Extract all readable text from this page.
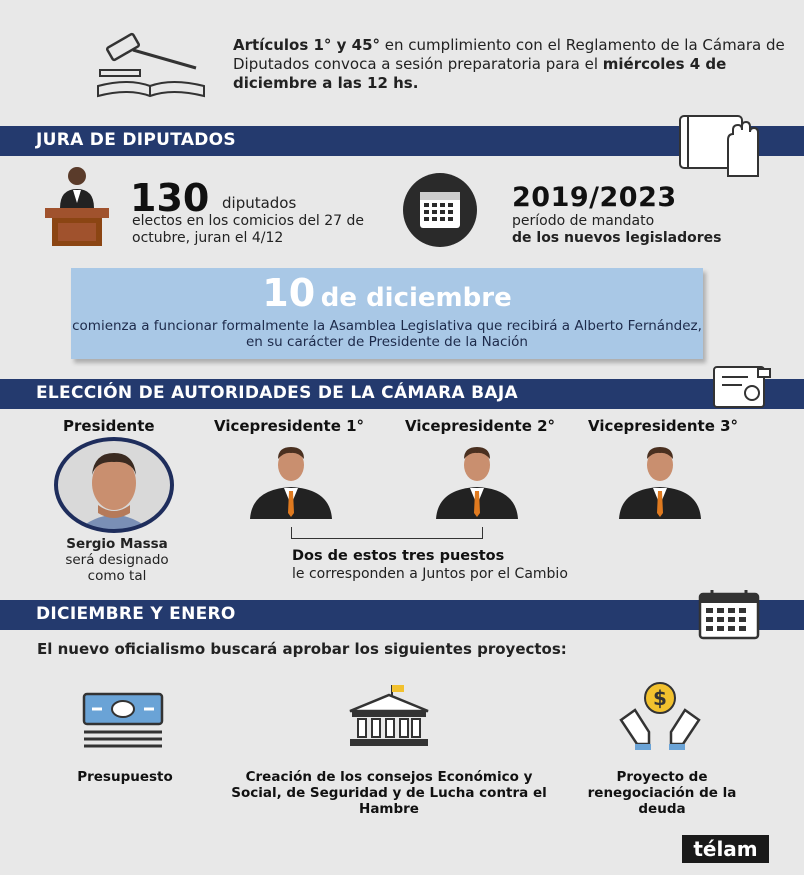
Artículos 1° y 45° en cumplimiento con el Reglamento de la Cámara de Diputados convoca a sesión preparatoria para el miércoles 4 de diciembre a las 12 hs.
JURA DE DIPUTADOS
130 diputados
electos en los comicios del 27 de octubre, juran el 4/12
2019/2023
período de mandato
de los nuevos legisladores
10 de diciembre
comienza a funcionar formalmente la Asamblea Legislativa que recibirá a Alberto Fernández, en su carácter de Presidente de la Nación
ELECCIÓN DE AUTORIDADES DE LA CÁMARA BAJA
Presidente	Vicepresidente 1°	Vicepresidente 2° Vicepresidente 3°
Sergio Massa
será designado como tal
Dos de estos tres puestos
le corresponden a Juntos por el Cambio
DICIEMBRE Y ENERO
El nuevo oficialismo buscará aprobar los siguientes proyectos:
$
Presupuesto	Creación de los consejos Económico y Social, de Seguridad y de Lucha contra el Hambre
Proyecto de renegociación de la deuda
télam
